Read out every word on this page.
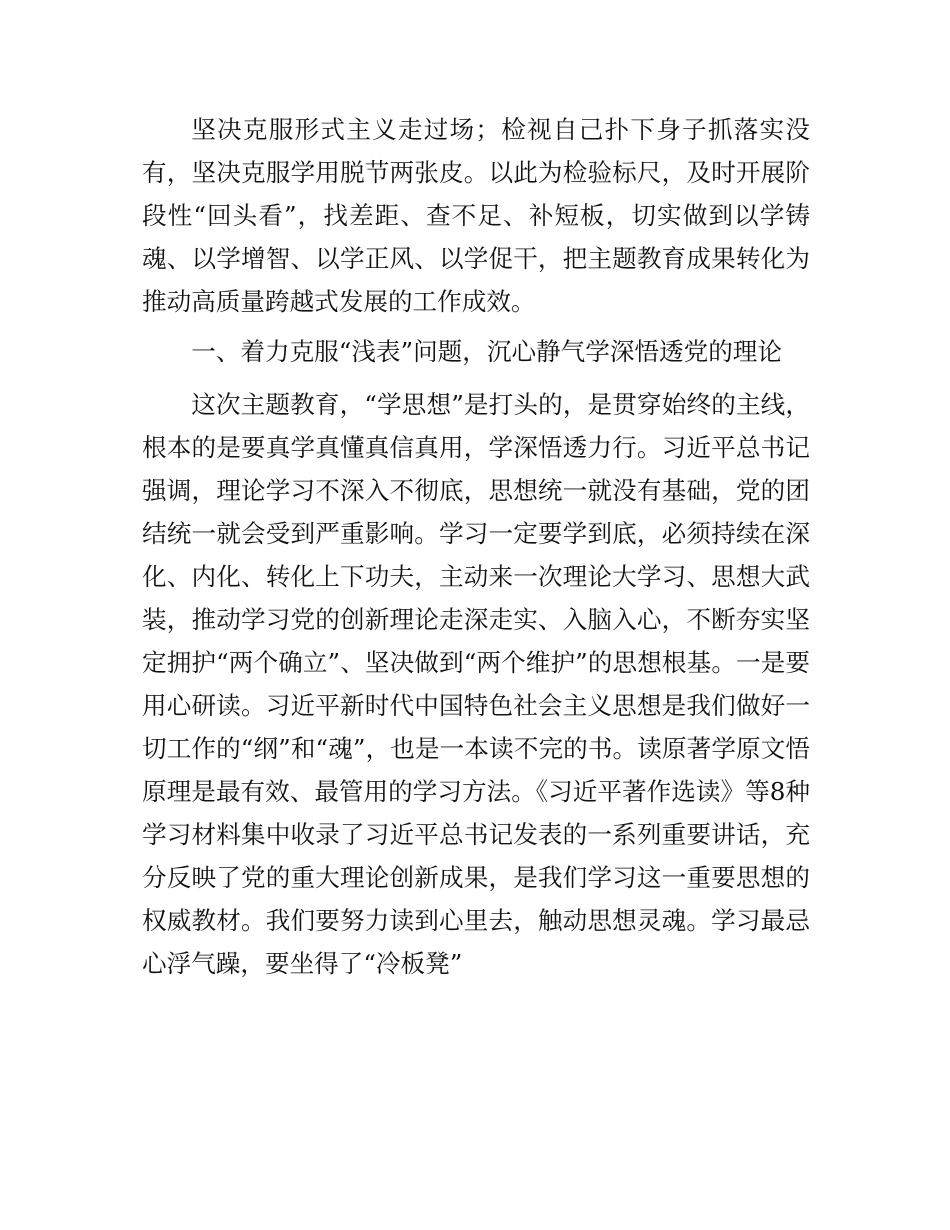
坚决克服形式主义走过场；检视自己扑下身子抓落实没有，坚决克服学用脱节两张皮。以此为检验标尺，及时开展阶段性“回头看”，找差距、查不足、补短板，切实做到以学铸魂、以学增智、以学正风、以学促干，把主题教育成果转化为推动高质量跨越式发展的工作成效。

一、着力克服“浅表”问题，沉心静气学深悟透党的理论

这次主题教育，“学思想”是打头的，是贯穿始终的主线，根本的是要真学真懂真信真用，学深悟透力行。习近平总书记强调，理论学习不深入不彻底，思想统一就没有基础，党的团结统一就会受到严重影响。学习一定要学到底，必须持续在深化、内化、转化上下功夫，主动来一次理论大学习、思想大武装，推动学习党的创新理论走深走实、入脑入心，不断夯实坚定拥护“两个确立”、坚决做到“两个维护”的思想根基。一是要用心研读。习近平新时代中国特色社会主义思想是我们做好一切工作的“纲”和“魂”，也是一本读不完的书。读原著学原文悟原理是最有效、最管用的学习方法。《习近平著作选读》等8种学习材料集中收录了习近平总书记发表的一系列重要讲话，充分反映了党的重大理论创新成果，是我们学习这一重要思想的权威教材。我们要努力读到心里去，触动思想灵魂。学习最忌心浮气躁，要坐得了“冷板凳”
